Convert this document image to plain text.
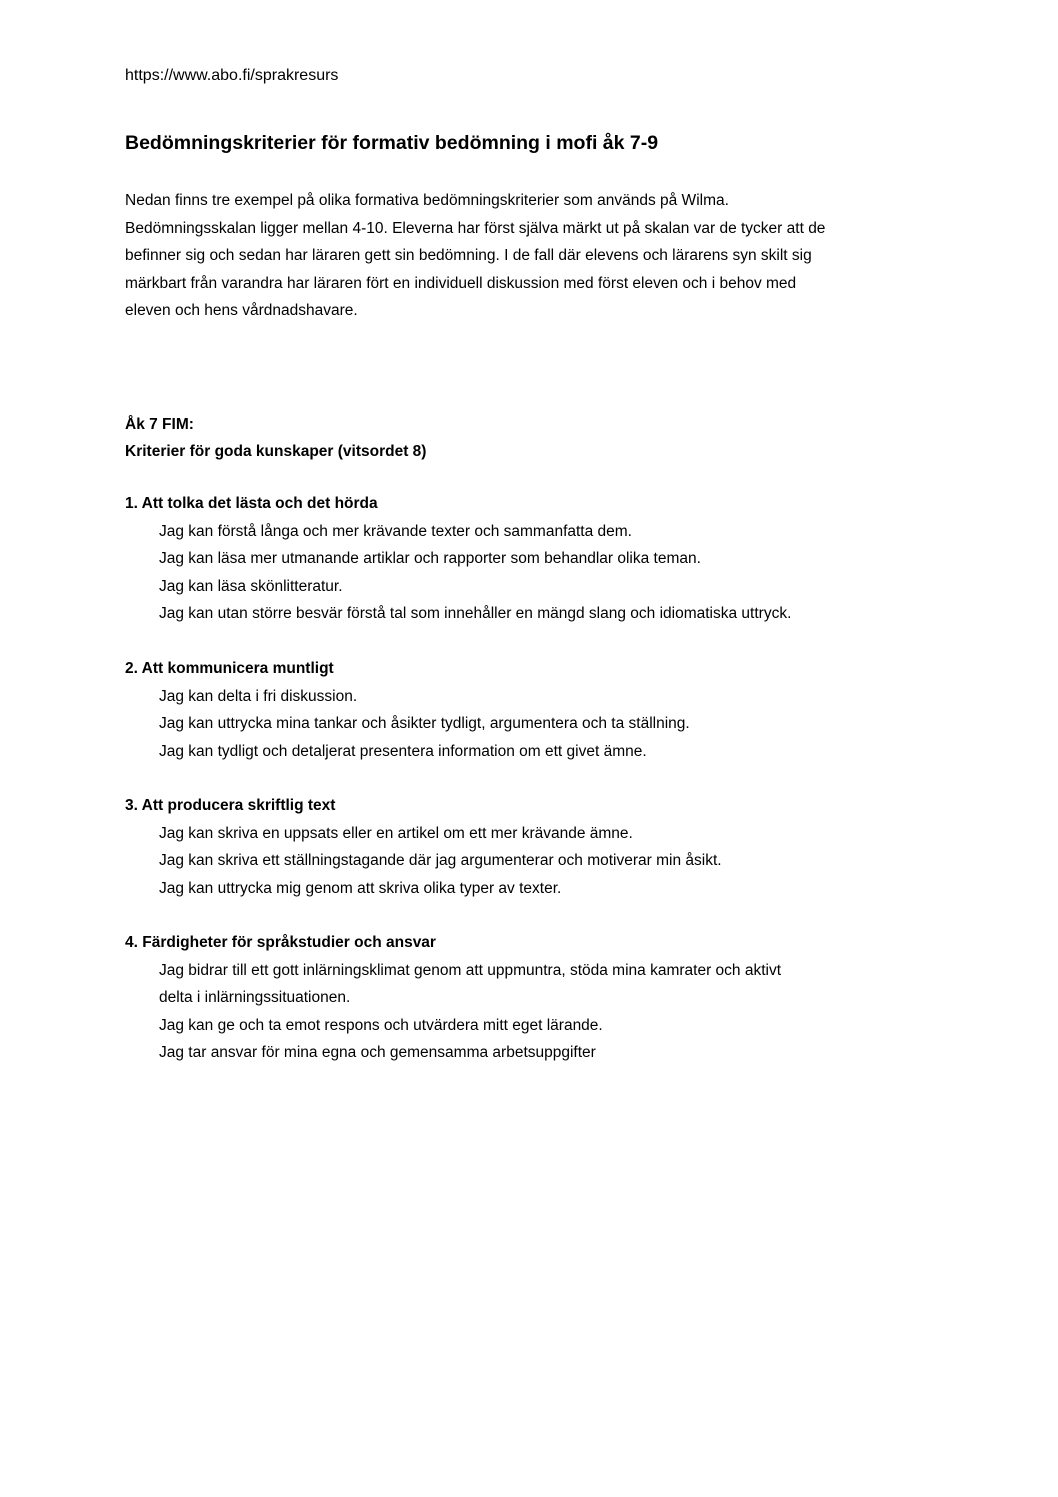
https://www.abo.fi/sprakresurs
Bedömningskriterier för formativ bedömning i mofi åk 7-9

Nedan finns tre exempel på olika formativa bedömningskriterier som används på Wilma.

Bedömningsskalan ligger mellan 4-10. Eleverna har först själva märkt ut på skalan var de tycker att de

befinner sig och sedan har läraren gett sin bedömning. I de fall där elevens och lärarens syn skilt sig

märkbart från varandra har läraren fört en individuell diskussion med först eleven och i behov med

eleven och hens vårdnadshavare.

Åk 7 FIM:
Kriterier för goda kunskaper (vitsordet 8)
1. Att tolka det lästa och det hörda
Jag kan förstå långa och mer krävande texter och sammanfatta dem.
Jag kan läsa mer utmanande artiklar och rapporter som behandlar olika teman.
Jag kan läsa skönlitteratur.
Jag kan utan större besvär förstå tal som innehåller en mängd slang och idiomatiska uttryck.
2. Att kommunicera muntligt
Jag kan delta i fri diskussion.
Jag kan uttrycka mina tankar och åsikter tydligt, argumentera och ta ställning.
Jag kan tydligt och detaljerat presentera information om ett givet ämne.
3. Att producera skriftlig text
Jag kan skriva en uppsats eller en artikel om ett mer krävande ämne.
Jag kan skriva ett ställningstagande där jag argumenterar och motiverar min åsikt.
Jag kan uttrycka mig genom att skriva olika typer av texter.
4. Färdigheter för språkstudier och ansvar
Jag bidrar till ett gott inlärningsklimat genom att uppmuntra, stöda mina kamrater och aktivt
delta i inlärningssituationen.
Jag kan ge och ta emot respons och utvärdera mitt eget lärande.
Jag tar ansvar för mina egna och gemensamma arbetsuppgifter
